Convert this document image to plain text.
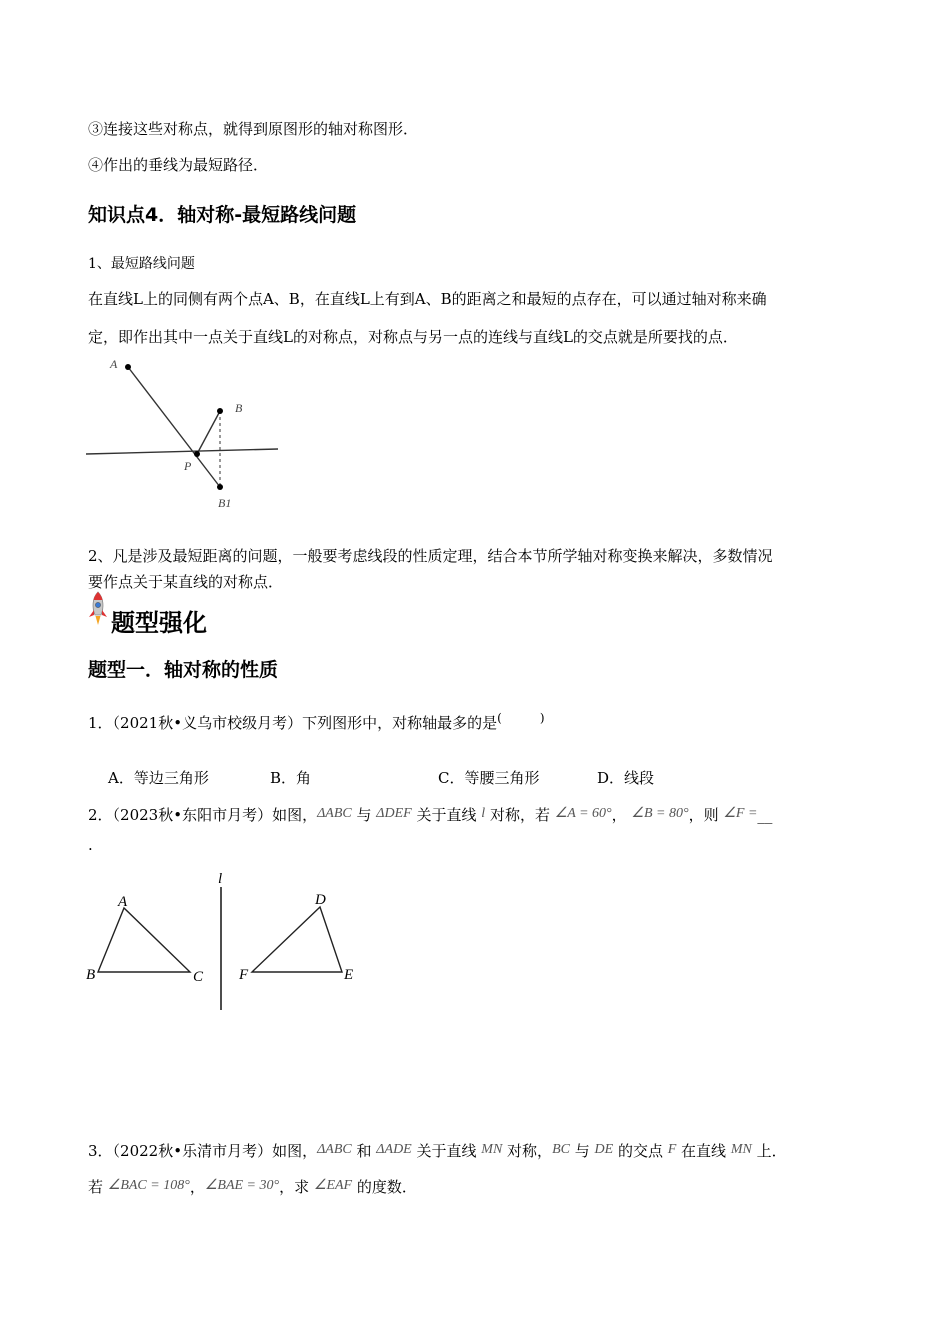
③连接这些对称点，就得到原图形的轴对称图形．
④作出的垂线为最短路径．
知识点4．轴对称-最短路线问题
1、最短路线问题
在直线L上的同侧有两个点A、B，在直线L上有到A、B的距离之和最短的点存在，可以通过轴对称来确
定，即作出其中一点关于直线L的对称点，对称点与另一点的连线与直线L的交点就是所要找的点．
A
B
P
B1
2、凡是涉及最短距离的问题，一般要考虑线段的性质定理，结合本节所学轴对称变换来解决，多数情况
要作点关于某直线的对称点．
题型强化
题型一．轴对称的性质
1．（2021秋•义乌市校级月考）下列图形中，对称轴最多的是(          )
A．等边三角形	B．角	C．等腰三角形	D．线段
2．（2023秋•东阳市月考）如图，ΔABC 与 ΔDEF 关于直线 l 对称，若 ∠A = 60°， ∠B = 80°，则 ∠F =__
.
l
A
B	C
D
F	E
3．（2022秋•乐清市月考）如图，ΔABC 和 ΔADE 关于直线 MN 对称，BC 与 DE 的交点 F 在直线 MN 上．
若 ∠BAC = 108°，∠BAE = 30°，求 ∠EAF 的度数．
